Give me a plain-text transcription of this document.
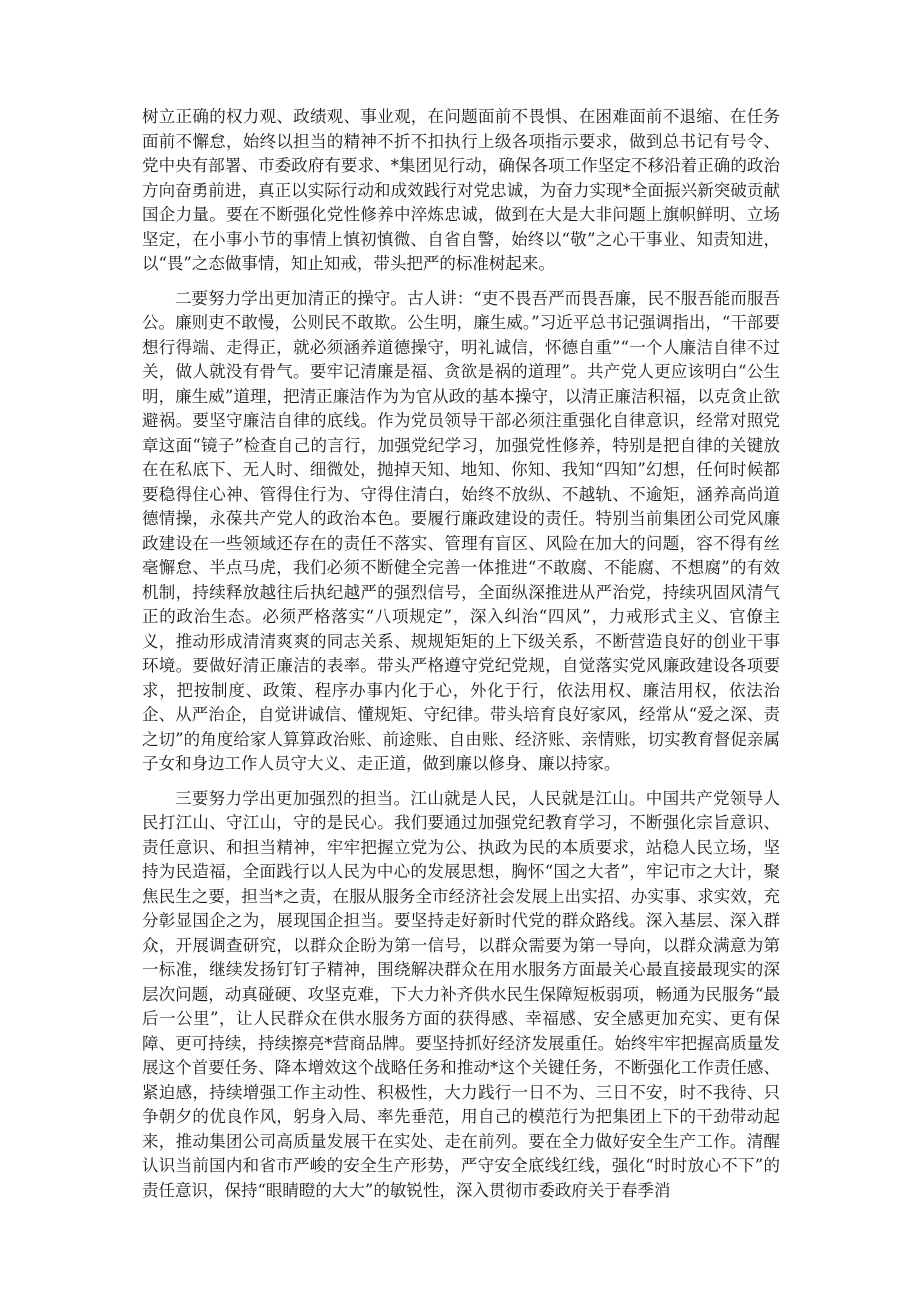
树立正确的权力观、政绩观、事业观，在问题面前不畏惧、在困难面前不退缩、在任务面前不懈怠，始终以担当的精神不折不扣执行上级各项指示要求，做到总书记有号令、党中央有部署、市委政府有要求、*集团见行动，确保各项工作坚定不移沿着正确的政治方向奋勇前进，真正以实际行动和成效践行对党忠诚，为奋力实现*全面振兴新突破贡献国企力量。要在不断强化党性修养中淬炼忠诚，做到在大是大非问题上旗帜鲜明、立场坚定，在小事小节的事情上慎初慎微、自省自警，始终以“敬”之心干事业、知责知进，以“畏”之态做事情，知止知戒，带头把严的标准树起来。

二要努力学出更加清正的操守。古人讲：“吏不畏吾严而畏吾廉，民不服吾能而服吾公。廉则吏不敢慢，公则民不敢欺。公生明，廉生威。”习近平总书记强调指出，“干部要想行得端、走得正，就必须涵养道德操守，明礼诚信，怀德自重”“一个人廉洁自律不过关，做人就没有骨气。要牢记清廉是福、贪欲是祸的道理”。共产党人更应该明白“公生明，廉生威”道理，把清正廉洁作为为官从政的基本操守，以清正廉洁积福，以克贪止欲避祸。要坚守廉洁自律的底线。作为党员领导干部必须注重强化自律意识，经常对照党章这面“镜子”检查自己的言行，加强党纪学习，加强党性修养，特别是把自律的关键放在在私底下、无人时、细微处，抛掉天知、地知、你知、我知“四知”幻想，任何时候都要稳得住心神、管得住行为、守得住清白，始终不放纵、不越轨、不逾矩，涵养高尚道德情操，永葆共产党人的政治本色。要履行廉政建设的责任。特别当前集团公司党风廉政建设在一些领域还存在的责任不落实、管理有盲区、风险在加大的问题，容不得有丝毫懈怠、半点马虎，我们必须不断健全完善一体推进“不敢腐、不能腐、不想腐”的有效机制，持续释放越往后执纪越严的强烈信号，全面纵深推进从严治党，持续巩固风清气正的政治生态。必须严格落实“八项规定”，深入纠治“四风”，力戒形式主义、官僚主义，推动形成清清爽爽的同志关系、规规矩矩的上下级关系，不断营造良好的创业干事环境。要做好清正廉洁的表率。带头严格遵守党纪党规，自觉落实党风廉政建设各项要求，把按制度、政策、程序办事内化于心，外化于行，依法用权、廉洁用权，依法治企、从严治企，自觉讲诚信、懂规矩、守纪律。带头培育良好家风，经常从“爱之深、责之切”的角度给家人算算政治账、前途账、自由账、经济账、亲情账，切实教育督促亲属子女和身边工作人员守大义、走正道，做到廉以修身、廉以持家。

三要努力学出更加强烈的担当。江山就是人民，人民就是江山。中国共产党领导人民打江山、守江山，守的是民心。我们要通过加强党纪教育学习，不断强化宗旨意识、责任意识、和担当精神，牢牢把握立党为公、执政为民的本质要求，站稳人民立场，坚持为民造福，全面践行以人民为中心的发展思想，胸怀“国之大者”，牢记市之大计，聚焦民生之要，担当*之责，在服从服务全市经济社会发展上出实招、办实事、求实效，充分彰显国企之为，展现国企担当。要坚持走好新时代党的群众路线。深入基层、深入群众，开展调查研究，以群众企盼为第一信号，以群众需要为第一导向，以群众满意为第一标准，继续发扬钉钉子精神，围绕解决群众在用水服务方面最关心最直接最现实的深层次问题，动真碰硬、攻坚克难，下大力补齐供水民生保障短板弱项，畅通为民服务“最后一公里”，让人民群众在供水服务方面的获得感、幸福感、安全感更加充实、更有保障、更可持续，持续擦亮*营商品牌。要坚持抓好经济发展重任。始终牢牢把握高质量发展这个首要任务、降本增效这个战略任务和推动*这个关键任务，不断强化工作责任感、紧迫感，持续增强工作主动性、积极性，大力践行一日不为、三日不安，时不我待、只争朝夕的优良作风，躬身入局、率先垂范，用自己的模范行为把集团上下的干劲带动起来，推动集团公司高质量发展干在实处、走在前列。要在全力做好安全生产工作。清醒认识当前国内和省市严峻的安全生产形势，严守安全底线红线，强化“时时放心不下”的责任意识，保持“眼睛瞪的大大”的敏锐性，深入贯彻市委政府关于春季消
